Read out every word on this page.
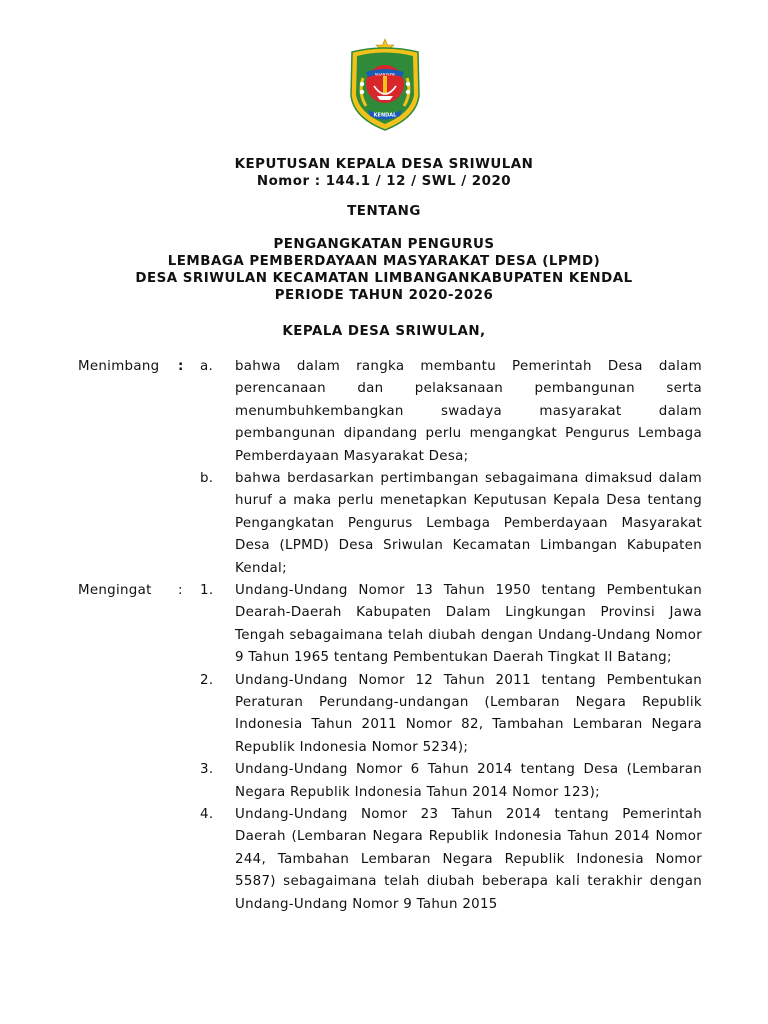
NGANTEPIE
KENDAL
KEPUTUSAN KEPALA DESA SRIWULAN
Nomor : 144.1 / 12 / SWL / 2020
TENTANG
PENGANGKATAN PENGURUS
LEMBAGA PEMBERDAYAAN MASYARAKAT DESA (LPMD)
DESA SRIWULAN KECAMATAN LIMBANGANKABUPATEN KENDAL
PERIODE TAHUN 2020-2026
KEPALA DESA SRIWULAN,
Menimbang : a.	bahwa dalam rangka membantu Pemerintah Desa dalam perencanaan dan pelaksanaan pembangunan serta menumbuhkembangkan swadaya masyarakat dalam pembangunan dipandang perlu mengangkat Pengurus Lembaga Pemberdayaan Masyarakat Desa;
b.	bahwa berdasarkan pertimbangan sebagaimana dimaksud dalam huruf a maka perlu menetapkan Keputusan Kepala Desa tentang Pengangkatan Pengurus Lembaga Pemberdayaan Masyarakat Desa (LPMD) Desa Sriwulan Kecamatan Limbangan Kabupaten Kendal;
Mengingat	: 1.	Undang-Undang Nomor 13 Tahun 1950 tentang Pembentukan Dearah-Daerah Kabupaten Dalam Lingkungan Provinsi Jawa Tengah sebagaimana telah diubah dengan Undang-Undang Nomor 9 Tahun 1965 tentang Pembentukan Daerah Tingkat II Batang;
2.	Undang-Undang Nomor 12 Tahun 2011 tentang Pembentukan Peraturan Perundang-undangan (Lembaran Negara Republik Indonesia Tahun 2011 Nomor 82, Tambahan Lembaran Negara Republik Indonesia Nomor 5234);
3.	Undang-Undang Nomor 6 Tahun 2014 tentang Desa (Lembaran Negara Republik Indonesia Tahun 2014 Nomor 123);
4.	Undang-Undang Nomor 23 Tahun 2014 tentang Pemerintah Daerah (Lembaran Negara Republik Indonesia Tahun 2014 Nomor 244, Tambahan Lembaran Negara Republik Indonesia Nomor 5587) sebagaimana telah diubah beberapa kali terakhir dengan Undang-Undang Nomor 9 Tahun 2015
